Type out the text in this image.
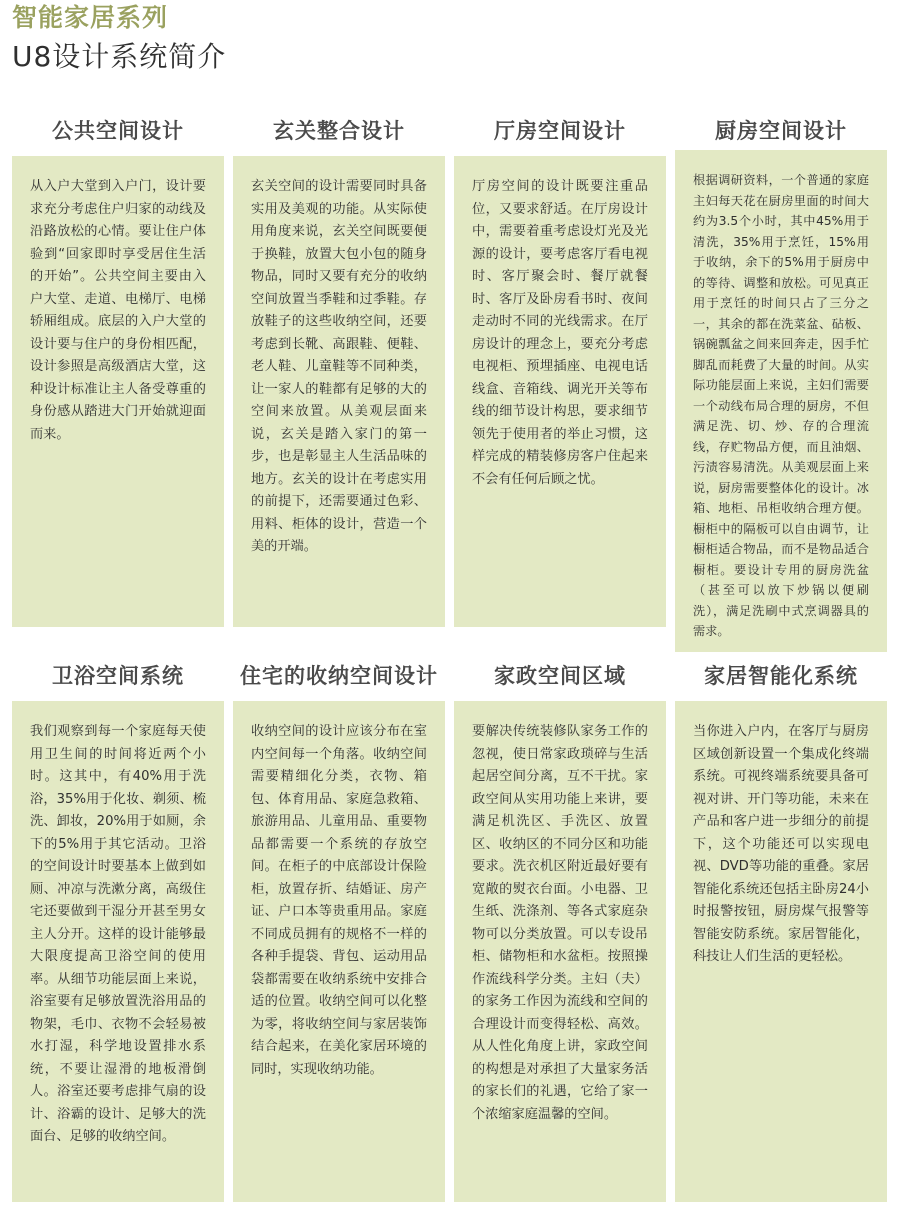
智能家居系列
U8设计系统简介
公共空间设计
从入户大堂到入户门，设计要求充分考虑住户归家的动线及沿路放松的心情。要让住户体验到“回家即时享受居住生活的开始”。公共空间主要由入户大堂、走道、电梯厅、电梯轿厢组成。底层的入户大堂的设计要与住户的身份相匹配，设计参照是高级酒店大堂，这种设计标准让主人备受尊重的身份感从踏进大门开始就迎面而来。
玄关整合设计
玄关空间的设计需要同时具备实用及美观的功能。从实际使用角度来说，玄关空间既要便于换鞋，放置大包小包的随身物品，同时又要有充分的收纳空间放置当季鞋和过季鞋。存放鞋子的这些收纳空间，还要考虑到长靴、高跟鞋、便鞋、老人鞋、儿童鞋等不同种类，让一家人的鞋都有足够的大的空间来放置。从美观层面来说，玄关是踏入家门的第一步，也是彰显主人生活品味的地方。玄关的设计在考虑实用的前提下，还需要通过色彩、用料、柜体的设计，营造一个美的开端。
厅房空间设计
厅房空间的设计既要注重品位，又要求舒适。在厅房设计中，需要着重考虑设灯光及光源的设计，要考虑客厅看电视时、客厅聚会时、餐厅就餐时、客厅及卧房看书时、夜间走动时不同的光线需求。在厅房设计的理念上，要充分考虑电视柜、预埋插座、电视电话线盒、音箱线、调光开关等布线的细节设计构思，要求细节领先于使用者的举止习惯，这样完成的精装修房客户住起来不会有任何后顾之忧。
厨房空间设计
根据调研资料，一个普通的家庭主妇每天花在厨房里面的时间大约为3.5个小时，其中45%用于清洗，35%用于烹饪，15%用于收纳，余下的5%用于厨房中的等待、调整和放松。可见真正用于烹饪的时间只占了三分之一，其余的都在洗菜盆、砧板、锅碗瓢盆之间来回奔走，因手忙脚乱而耗费了大量的时间。从实际功能层面上来说，主妇们需要一个动线布局合理的厨房，不但满足洗、切、炒、存的合理流线，存贮物品方便，而且油烟、污渍容易清洗。从美观层面上来说，厨房需要整体化的设计。冰箱、地柜、吊柜收纳合理方便。橱柜中的隔板可以自由调节，让橱柜适合物品，而不是物品适合橱柜。要设计专用的厨房洗盆（甚至可以放下炒锅以便刷洗），满足洗刷中式烹调器具的需求。
卫浴空间系统
我们观察到每一个家庭每天使用卫生间的时间将近两个小时。这其中，有40%用于洗浴，35%用于化妆、剃须、梳洗、卸妆，20%用于如厕，余下的5%用于其它活动。卫浴的空间设计时要基本上做到如厕、冲凉与洗漱分离，高级住宅还要做到干湿分开甚至男女主人分开。这样的设计能够最大限度提高卫浴空间的使用率。从细节功能层面上来说，浴室要有足够放置洗浴用品的物架，毛巾、衣物不会轻易被水打湿，科学地设置排水系统，不要让湿滑的地板滑倒人。浴室还要考虑排气扇的设计、浴霸的设计、足够大的洗面台、足够的收纳空间。
住宅的收纳空间设计
收纳空间的设计应该分布在室内空间每一个角落。收纳空间需要精细化分类，衣物、箱包、体育用品、家庭急救箱、旅游用品、儿童用品、重要物品都需要一个系统的存放空间。在柜子的中底部设计保险柜，放置存折、结婚证、房产证、户口本等贵重用品。家庭不同成员拥有的规格不一样的各种手提袋、背包、运动用品袋都需要在收纳系统中安排合适的位置。收纳空间可以化整为零，将收纳空间与家居装饰结合起来，在美化家居环境的同时，实现收纳功能。
家政空间区域
要解决传统装修队家务工作的忽视，使日常家政琐碎与生活起居空间分离，互不干扰。家政空间从实用功能上来讲，要满足机洗区、手洗区、放置区、收纳区的不同分区和功能要求。洗衣机区附近最好要有宽敞的熨衣台面。小电器、卫生纸、洗涤剂、等各式家庭杂物可以分类放置。可以专设吊柜、储物柜和水盆柜。按照操作流线科学分类。主妇（夫）的家务工作因为流线和空间的合理设计而变得轻松、高效。从人性化角度上讲，家政空间的构想是对承担了大量家务活的家长们的礼遇，它给了家一个浓缩家庭温馨的空间。
家居智能化系统
当你进入户内，在客厅与厨房区域创新设置一个集成化终端系统。可视终端系统要具备可视对讲、开门等功能，未来在产品和客户进一步细分的前提下，这个功能还可以实现电视、DVD等功能的重叠。家居智能化系统还包括主卧房24小时报警按钮，厨房煤气报警等智能安防系统。家居智能化，科技让人们生活的更轻松。
